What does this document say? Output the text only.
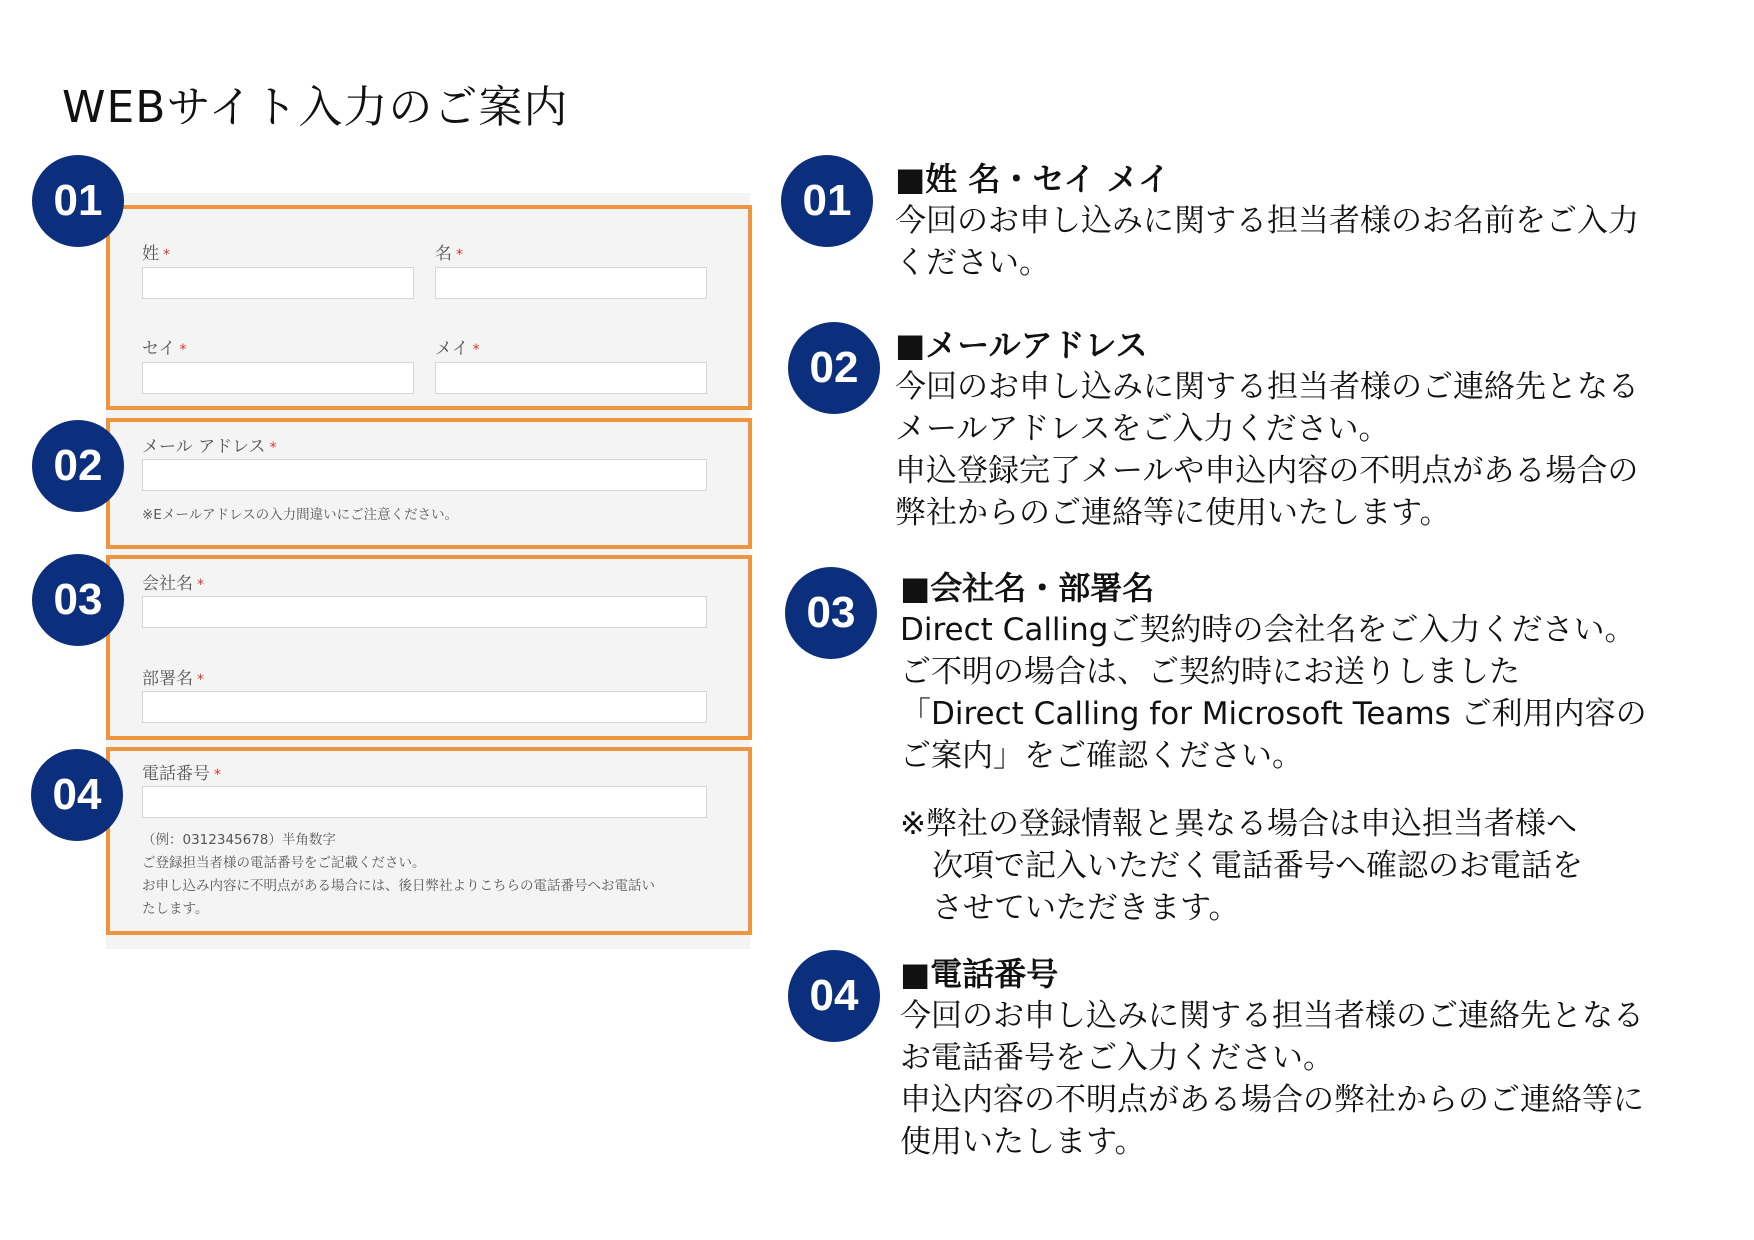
WEBサイト入力のご案内
姓 *	名 *
セイ *	メイ *
01
メール アドレス *
※Eメールアドレスの入力間違いにご注意ください。
02
会社名 *
部署名 *
03
電話番号 *
（例：0312345678）半角数字
ご登録担当者様の電話番号をご記載ください。
お申し込み内容に不明点がある場合には、後日弊社よりこちらの電話番号へお電話い
たします。
04
01	■姓 名・セイ メイ

今回のお申し込みに関する担当者様のお名前をご入力

ください。

02	■メールアドレス

今回のお申し込みに関する担当者様のご連絡先となる

メールアドレスをご入力ください。

申込登録完了メールや申込内容の不明点がある場合の

弊社からのご連絡等に使用いたします。

03	■会社名・部署名

Direct Callingご契約時の会社名をご入力ください。

ご不明の場合は、ご契約時にお送りしました

「Direct Calling for Microsoft Teams ご利用内容の

ご案内」をご確認ください。

※弊社の登録情報と異なる場合は申込担当者様へ

次項で記入いただく電話番号へ確認のお電話を

させていただきます。

04	■電話番号

今回のお申し込みに関する担当者様のご連絡先となる

お電話番号をご入力ください。

申込内容の不明点がある場合の弊社からのご連絡等に

使用いたします。
